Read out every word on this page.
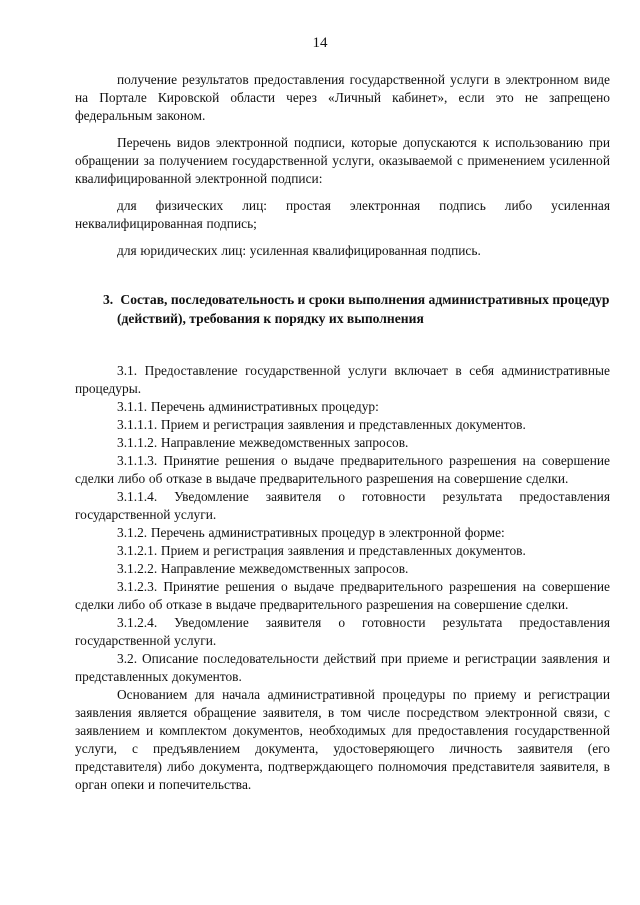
14

получение результатов предоставления государственной услуги в электронном виде на Портале Кировской области через «Личный кабинет», если это не запрещено федеральным законом.

Перечень видов электронной подписи, которые допускаются к использованию при обращении за получением государственной услуги, оказываемой с применением усиленной квалифицированной электронной подписи:

для физических лиц: простая электронная подпись либо усиленная неквалифицированная подпись;

для юридических лиц: усиленная квалифицированная подпись.

3. Состав, последовательность и сроки выполнения административных процедур (действий), требования к порядку их выполнения

3.1. Предоставление государственной услуги включает в себя административные процедуры.

3.1.1. Перечень административных процедур:

3.1.1.1. Прием и регистрация заявления и представленных документов.

3.1.1.2. Направление межведомственных запросов.

3.1.1.3. Принятие решения о выдаче предварительного разрешения на совершение сделки либо об отказе в выдаче предварительного разрешения на совершение сделки.

3.1.1.4. Уведомление заявителя о готовности результата предоставления государственной услуги.

3.1.2. Перечень административных процедур в электронной форме:

3.1.2.1. Прием и регистрация заявления и представленных документов.

3.1.2.2. Направление межведомственных запросов.

3.1.2.3. Принятие решения о выдаче предварительного разрешения на совершение сделки либо об отказе в выдаче предварительного разрешения на совершение сделки.

3.1.2.4. Уведомление заявителя о готовности результата предоставления государственной услуги.

3.2. Описание последовательности действий при приеме и регистрации заявления и представленных документов.

Основанием для начала административной процедуры по приему и регистрации заявления является обращение заявителя, в том числе посредством электронной связи, с заявлением и комплектом документов, необходимых для предоставления государственной услуги, с предъявлением документа, удостоверяющего личность заявителя (его представителя) либо документа, подтверждающего полномочия представителя заявителя, в орган опеки и попечительства.
